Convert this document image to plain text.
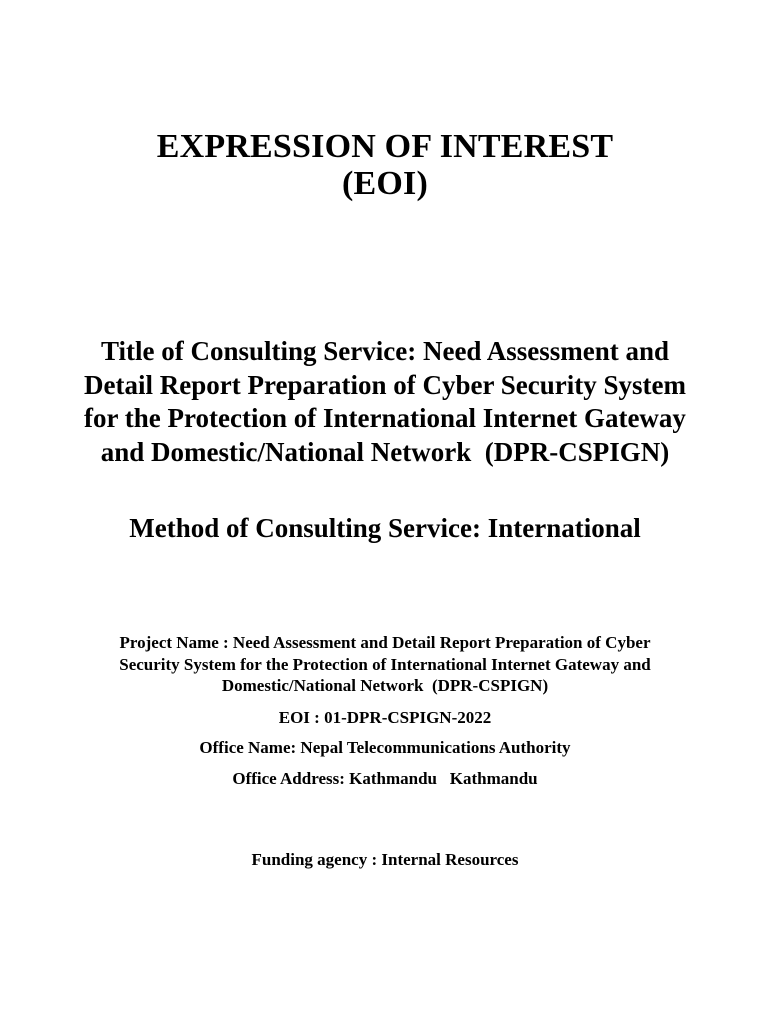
EXPRESSION OF INTEREST
(EOI)
Title of Consulting Service: Need Assessment and
Detail Report Preparation of Cyber Security System
for the Protection of International Internet Gateway
and Domestic/National Network  (DPR-CSPIGN)
Method of Consulting Service: International

Project Name : Need Assessment and Detail Report Preparation of Cyber
Security System for the Protection of International Internet Gateway and
Domestic/National Network  (DPR-CSPIGN)

EOI : 01-DPR-CSPIGN-2022

Office Name: Nepal Telecommunications Authority

Office Address: Kathmandu   Kathmandu

Funding agency : Internal Resources
